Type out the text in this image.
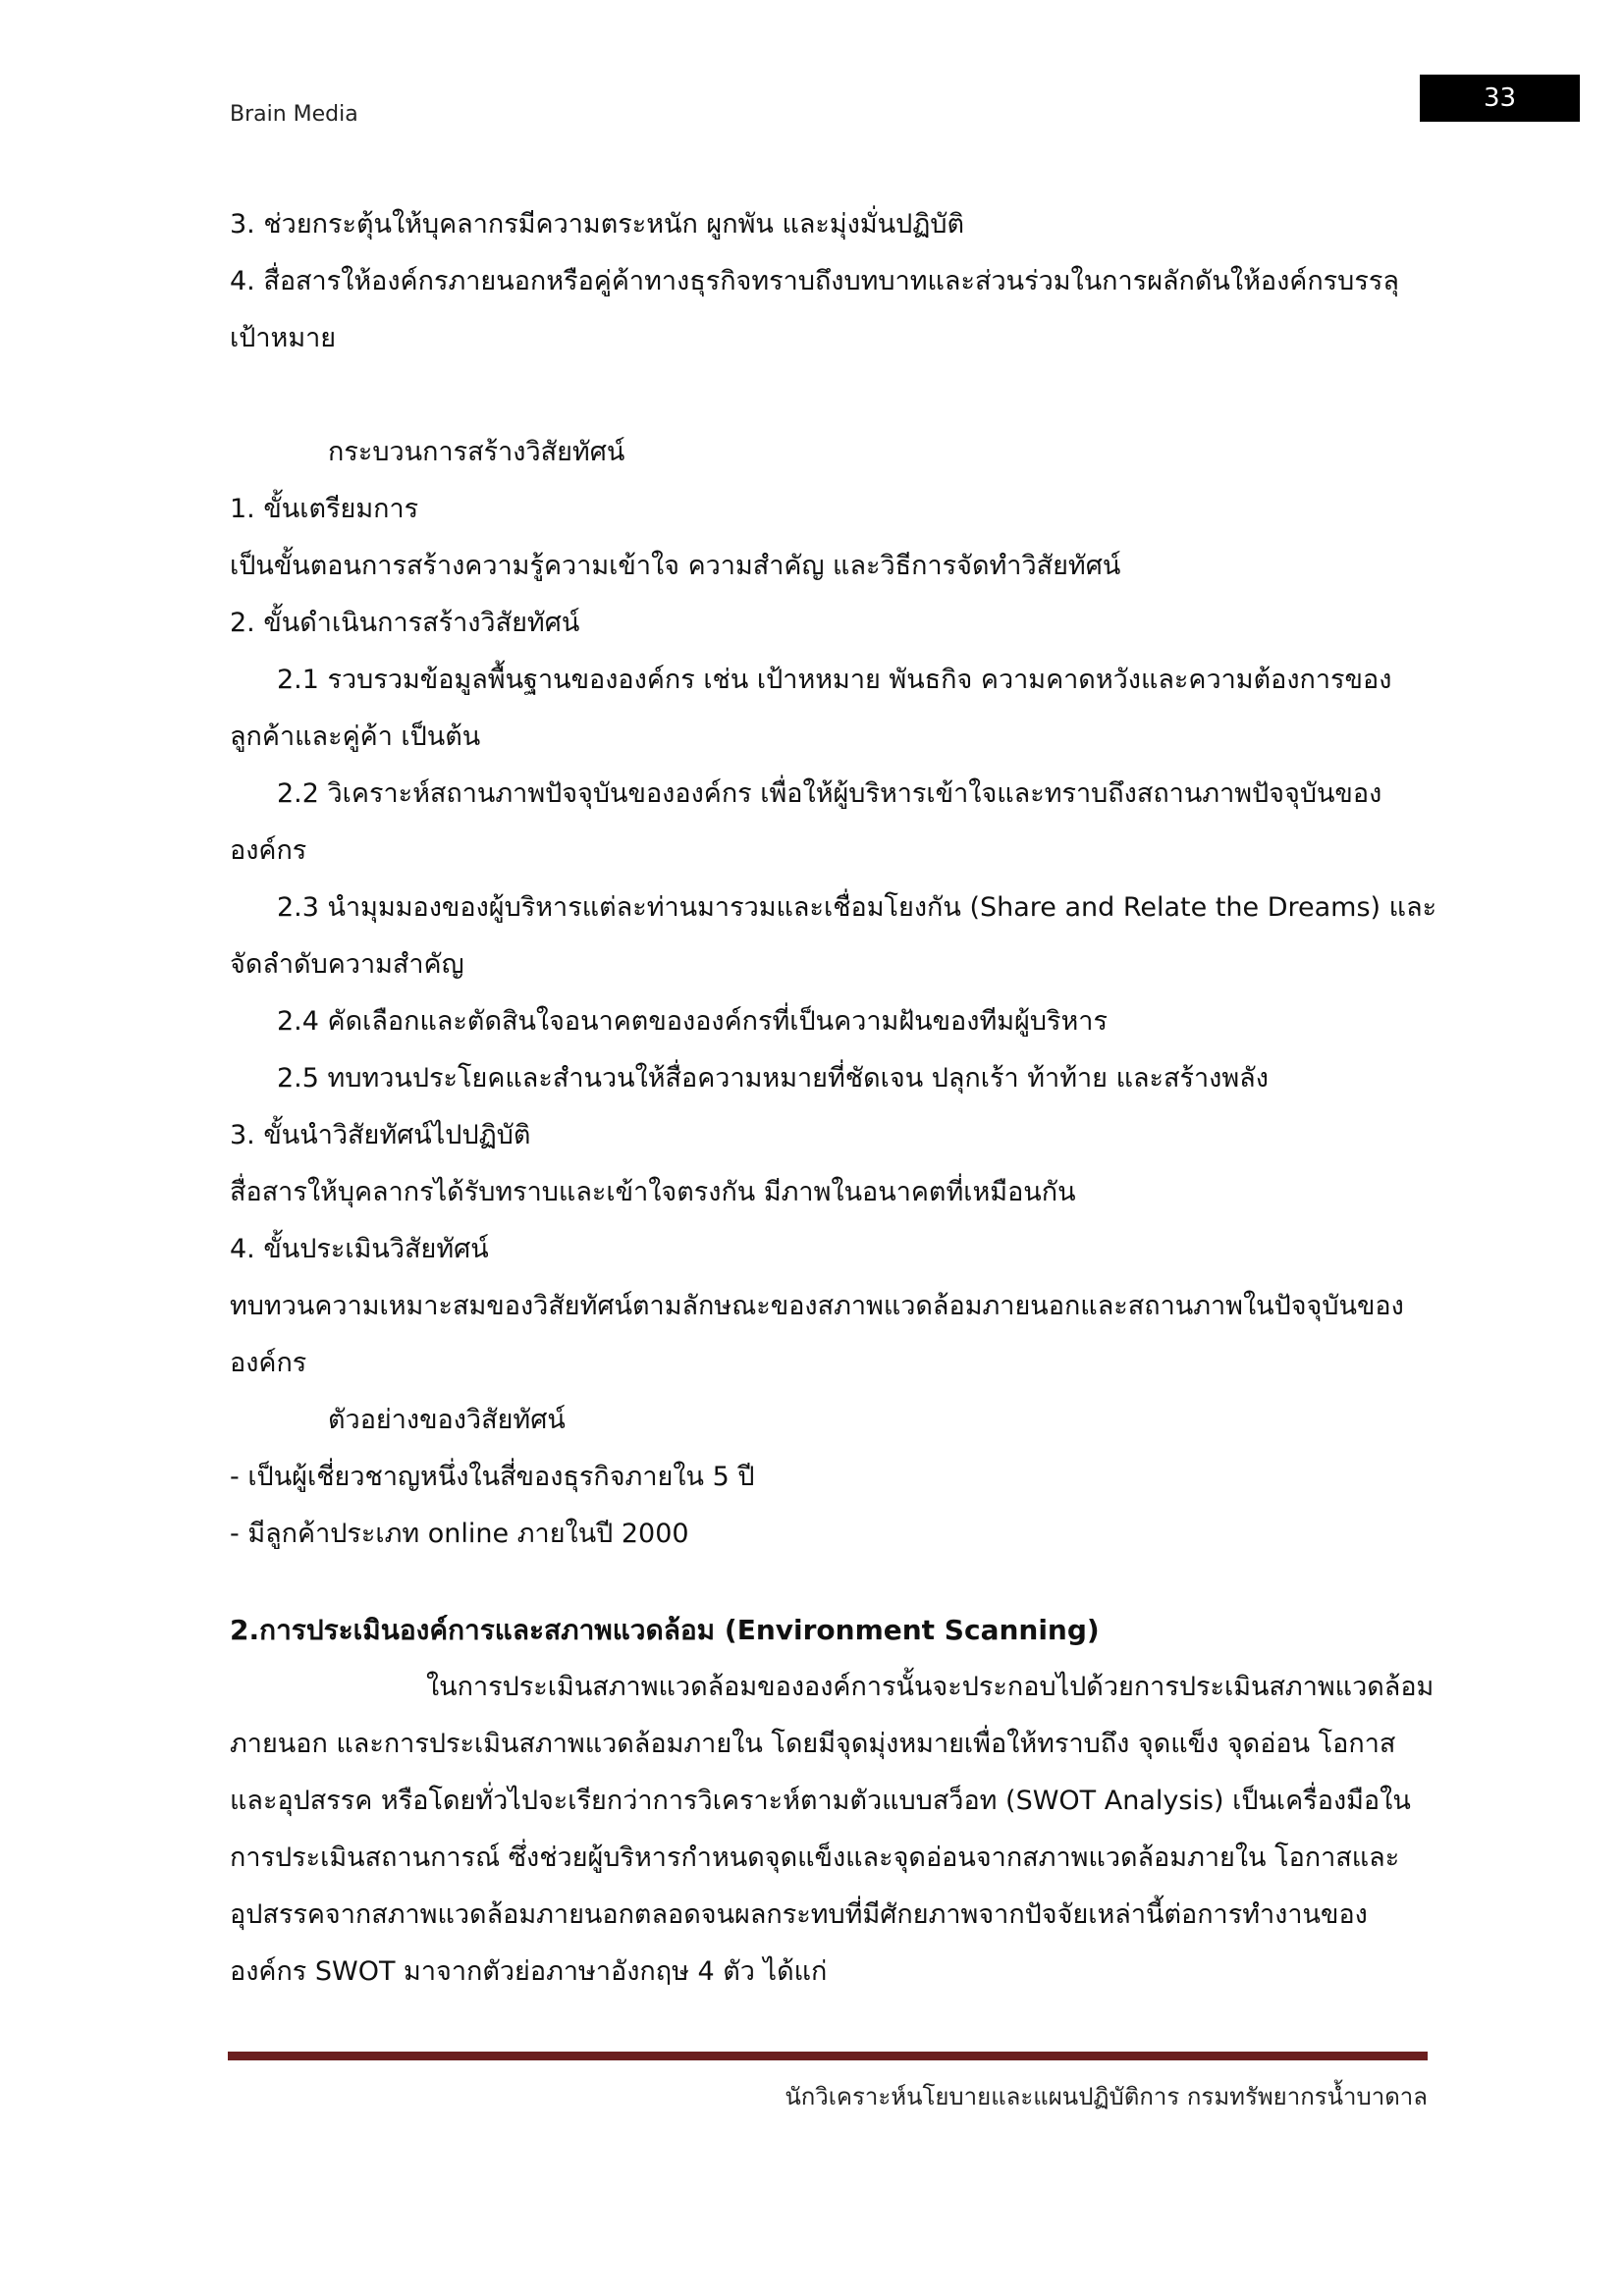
Brain Media
33

3. ช่วยกระตุ้นให้บุคลากรมีความตระหนัก ผูกพัน และมุ่งมั่นปฏิบัติ

4. สื่อสารให้องค์กรภายนอกหรือคู่ค้าทางธุรกิจทราบถึงบทบาทและส่วนร่วมในการผลักดันให้องค์กรบรรลุเป้าหมาย

กระบวนการสร้างวิสัยทัศน์

1. ขั้นเตรียมการ

เป็นขั้นตอนการสร้างความรู้ความเข้าใจ ความสำคัญ และวิธีการจัดทำวิสัยทัศน์

2. ขั้นดำเนินการสร้างวิสัยทัศน์

2.1 รวบรวมข้อมูลพื้นฐานขององค์กร เช่น เป้าหหมาย พันธกิจ ความคาดหวังและความต้องการของลูกค้าและคู่ค้า เป็นต้น

2.2 วิเคราะห์สถานภาพปัจจุบันขององค์กร เพื่อให้ผู้บริหารเข้าใจและทราบถึงสถานภาพปัจจุบันขององค์กร

2.3 นำมุมมองของผู้บริหารแต่ละท่านมารวมและเชื่อมโยงกัน (Share and Relate the Dreams) และจัดลำดับความสำคัญ

2.4 คัดเลือกและตัดสินใจอนาคตขององค์กรที่เป็นความฝันของทีมผู้บริหาร

2.5 ทบทวนประโยคและสำนวนให้สื่อความหมายที่ชัดเจน ปลุกเร้า ท้าท้าย และสร้างพลัง

3. ขั้นนำวิสัยทัศน์ไปปฏิบัติ

สื่อสารให้บุคลากรได้รับทราบและเข้าใจตรงกัน มีภาพในอนาคตที่เหมือนกัน

4. ขั้นประเมินวิสัยทัศน์

ทบทวนความเหมาะสมของวิสัยทัศน์ตามลักษณะของสภาพแวดล้อมภายนอกและสถานภาพในปัจจุบันขององค์กร

ตัวอย่างของวิสัยทัศน์

- เป็นผู้เชี่ยวชาญหนึ่งในสี่ของธุรกิจภายใน 5 ปี

- มีลูกค้าประเภท online ภายในปี 2000

2.การประเมินองค์การและสภาพแวดล้อม (Environment Scanning)

ในการประเมินสภาพแวดล้อมขององค์การนั้นจะประกอบไปด้วยการประเมินสภาพแวดล้อมภายนอก และการประเมินสภาพแวดล้อมภายใน โดยมีจุดมุ่งหมายเพื่อให้ทราบถึง จุดแข็ง จุดอ่อน โอกาส และอุปสรรค หรือโดยทั่วไปจะเรียกว่าการวิเคราะห์ตามตัวแบบสว็อท (SWOT Analysis) เป็นเครื่องมือในการประเมินสถานการณ์ ซึ่งช่วยผู้บริหารกำหนดจุดแข็งและจุดอ่อนจากสภาพแวดล้อมภายใน โอกาสและอุปสรรคจากสภาพแวดล้อมภายนอกตลอดจนผลกระทบที่มีศักยภาพจากปัจจัยเหล่านี้ต่อการทำงานขององค์กร SWOT มาจากตัวย่อภาษาอังกฤษ 4 ตัว ได้แก่

นักวิเคราะห์นโยบายและแผนปฏิบัติการ กรมทรัพยากรน้ำบาดาล
